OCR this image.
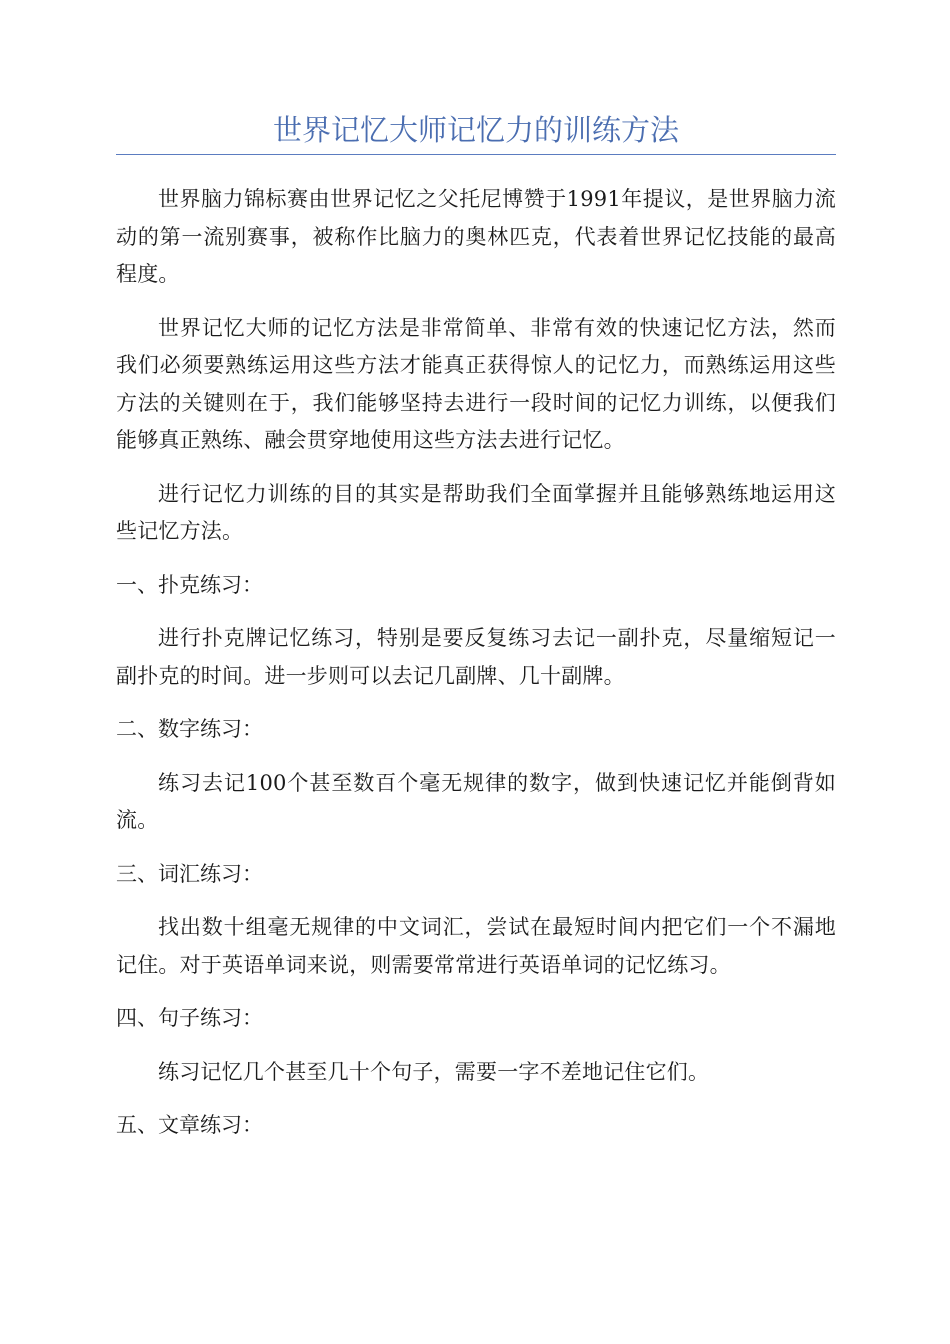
世界记忆大师记忆力的训练方法

世界脑力锦标赛由世界记忆之父托尼博赞于1991年提议，是世界脑力流动的第一流别赛事，被称作比脑力的奥林匹克，代表着世界记忆技能的最高程度。

世界记忆大师的记忆方法是非常简单、非常有效的快速记忆方法，然而我们必须要熟练运用这些方法才能真正获得惊人的记忆力，而熟练运用这些方法的关键则在于，我们能够坚持去进行一段时间的记忆力训练，以便我们能够真正熟练、融会贯穿地使用这些方法去进行记忆。

进行记忆力训练的目的其实是帮助我们全面掌握并且能够熟练地运用这些记忆方法。

一、扑克练习：

进行扑克牌记忆练习，特别是要反复练习去记一副扑克，尽量缩短记一副扑克的时间。进一步则可以去记几副牌、几十副牌。

二、数字练习：

练习去记100个甚至数百个毫无规律的数字，做到快速记忆并能倒背如流。

三、词汇练习：

找出数十组毫无规律的中文词汇，尝试在最短时间内把它们一个不漏地记住。对于英语单词来说，则需要常常进行英语单词的记忆练习。

四、句子练习：

练习记忆几个甚至几十个句子，需要一字不差地记住它们。

五、文章练习：
